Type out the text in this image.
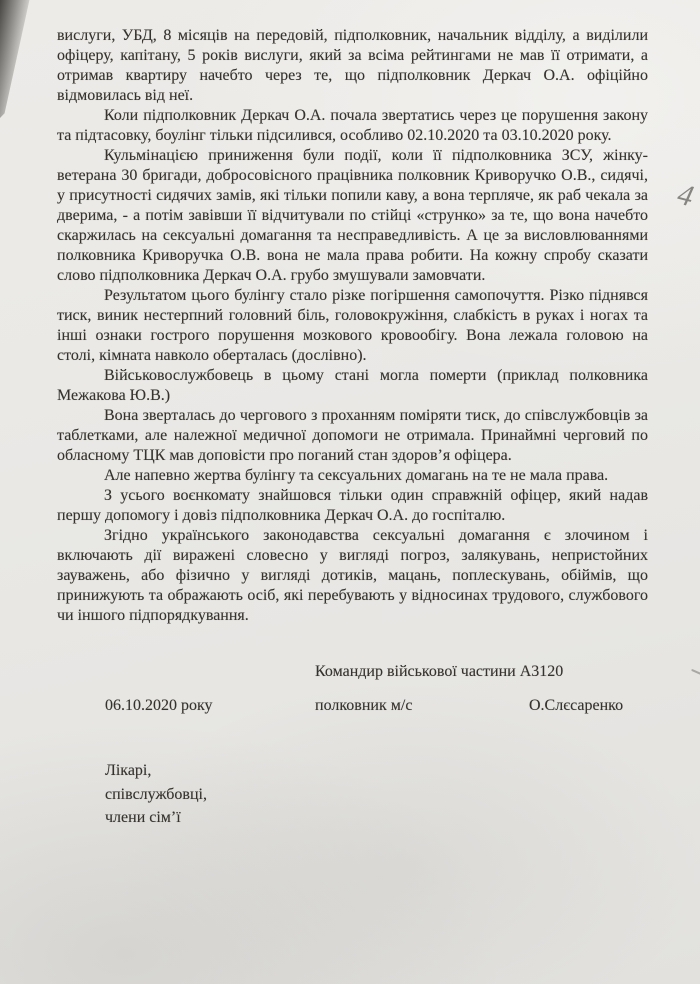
4

вислуги, УБД, 8 місяців на передовій, підполковник, начальник відділу, а виділили офіцеру, капітану, 5 років вислуги, який за всіма рейтингами не мав її отримати, а отримав квартиру начебто через те, що підполковник Деркач О.А. офіційно відмовилась від неї.

Коли підполковник Деркач О.А. почала звертатись через це порушення закону та підтасовку, боулінг тільки підсилився, особливо 02.10.2020 та 03.10.2020 року.

Кульмінацією приниження були події, коли її підполковника ЗСУ, жінку-ветерана 30 бригади, добросовісного працівника полковник Криворучко О.В., сидячі, у присутності сидячих замів, які тільки попили каву, а вона терпляче, як раб чекала за дверима, - а потім завівши її відчитували по стійці «струнко» за те, що вона начебто скаржилась на сексуальні домагання та несправедливість. А це за висловлюваннями полковника Криворучка О.В. вона не мала права робити. На кожну спробу сказати слово підполковника Деркач О.А. грубо змушували замовчати.

Результатом цього булінгу стало різке погіршення самопочуття. Різко піднявся тиск, виник нестерпний головний біль, головокружіння, слабкість в руках і ногах та інші ознаки гострого порушення мозкового кровообігу. Вона лежала головою на столі, кімната навколо оберталась (дослівно).

Військовослужбовець в цьому стані могла померти (приклад полковника Межакова Ю.В.)

Вона зверталась до чергового з проханням поміряти тиск, до співслужбовців за таблетками, але належної медичної допомоги не отримала. Принаймні черговий по обласному ТЦК мав доповісти про поганий стан здоров’я офіцера.

Але напевно жертва булінгу та сексуальних домагань на те не мала права.

З усього воєнкомату знайшовся тільки один справжній офіцер, який надав першу допомогу і довіз підполковника Деркач О.А. до госпіталю.

Згідно українського законодавства сексуальні домагання є злочином і включають дії виражені словесно у вигляді погроз, залякувань, непристойних зауважень, або фізично у вигляді дотиків, мацань, поплескувань, обіймів, що принижують та ображають осіб, які перебувають у відносинах трудового, службового чи іншого підпорядкування.

Командир військової частини А3120
06.10.2020 року	полковник м/с	О.Слєсаренко
Лікарі,
співслужбовці,
члени сім’ї
